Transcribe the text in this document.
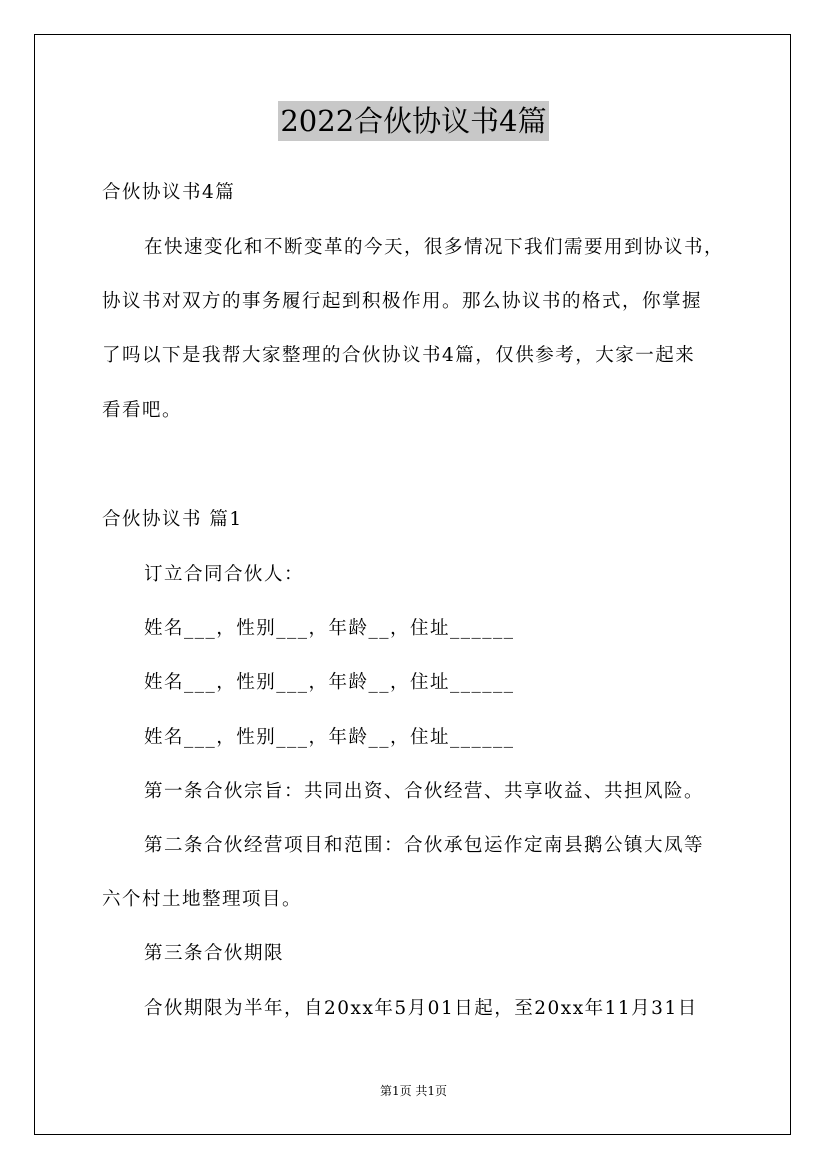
2022合伙协议书4篇
合伙协议书4篇
在快速变化和不断变革的今天，很多情况下我们需要用到协议书，
协议书对双方的事务履行起到积极作用。那么协议书的格式，你掌握
了吗以下是我帮大家整理的合伙协议书4篇，仅供参考，大家一起来
看看吧。
合伙协议书 篇1
订立合同合伙人：
姓名___，性别___，年龄__，住址______
姓名___，性别___，年龄__，住址______
姓名___，性别___，年龄__，住址______
第一条合伙宗旨：共同出资、合伙经营、共享收益、共担风险。
第二条合伙经营项目和范围：合伙承包运作定南县鹅公镇大凤等
六个村土地整理项目。
第三条合伙期限
合伙期限为半年，自20xx年5月01日起，至20xx年11月31日
第1页 共1页
